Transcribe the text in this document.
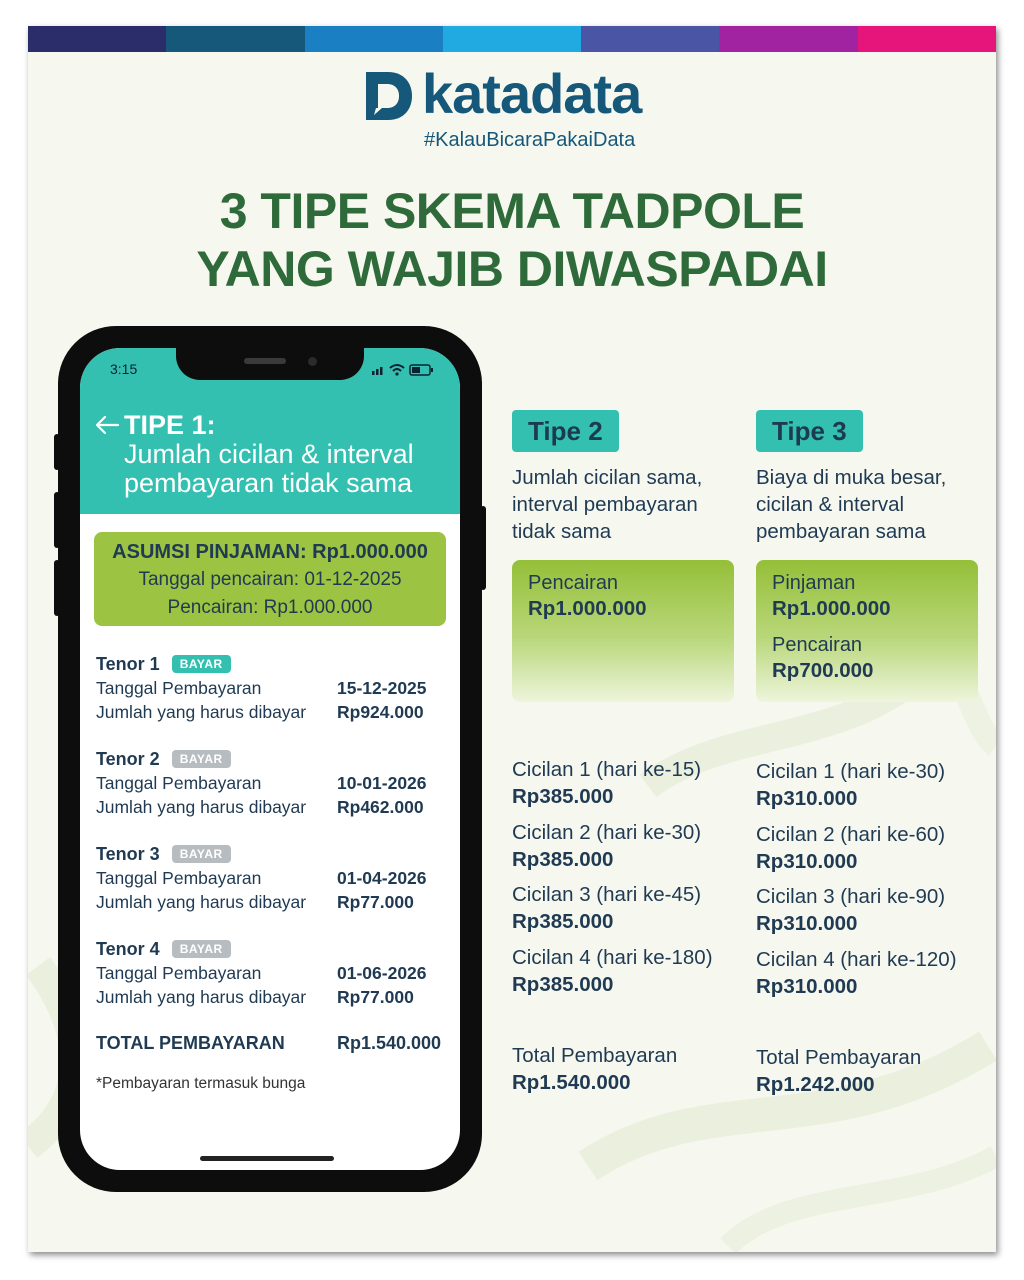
katadata
#KalauBicaraPakaiData
3 TIPE SKEMA TADPOLE
YANG WAJIB DIWASPADAI
3:15
TIPE 1:
Jumlah cicilan & interval
pembayaran tidak sama
ASUMSI PINJAMAN: Rp1.000.000
Tanggal pencairan: 01-12-2025
Pencairan: Rp1.000.000
Tenor 1	BAYAR
Tanggal Pembayaran	15-12-2025
Jumlah yang harus dibayar Rp924.000
Tenor 2	BAYAR
Tanggal Pembayaran	10-01-2026
Jumlah yang harus dibayar Rp462.000
Tenor 3	BAYAR
Tanggal Pembayaran	01-04-2026
Jumlah yang harus dibayar Rp77.000
Tenor 4	BAYAR
Tanggal Pembayaran	01-06-2026
Jumlah yang harus dibayar Rp77.000
TOTAL PEMBAYARAN	Rp1.540.000
*Pembayaran termasuk bunga
Tipe 2
Jumlah cicilan sama,
interval pembayaran
tidak sama
Pencairan
Rp1.000.000
Cicilan 1 (hari ke-15)
Rp385.000
Cicilan 2 (hari ke-30)
Rp385.000
Cicilan 3 (hari ke-45)
Rp385.000
Cicilan 4 (hari ke-180)
Rp385.000
Total Pembayaran
Rp1.540.000
Tipe 3
Biaya di muka besar,
cicilan & interval
pembayaran sama
Pinjaman
Rp1.000.000
Pencairan
Rp700.000
Cicilan 1 (hari ke-30)
Rp310.000
Cicilan 2 (hari ke-60)
Rp310.000
Cicilan 3 (hari ke-90)
Rp310.000
Cicilan 4 (hari ke-120)
Rp310.000
Total Pembayaran
Rp1.242.000
